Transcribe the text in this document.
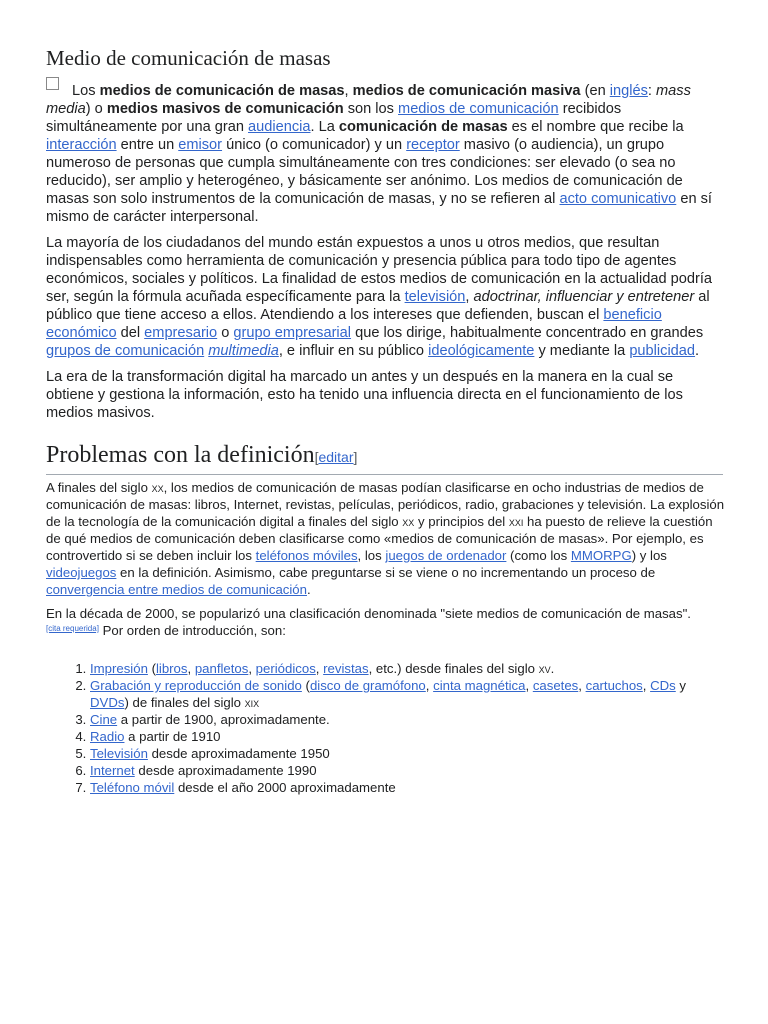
Medio de comunicación de masas

Los medios de comunicación de masas, medios de comunicación masiva (en inglés: mass media) o medios masivos de comunicación son los medios de comunicación recibidos simultáneamente por una gran audiencia. La comunicación de masas es el nombre que recibe la interacción entre un emisor único (o comunicador) y un receptor masivo (o audiencia), un grupo numeroso de personas que cumpla simultáneamente con tres condiciones: ser elevado (o sea no reducido), ser amplio y heterogéneo, y básicamente ser anónimo. Los medios de comunicación de masas son solo instrumentos de la comunicación de masas, y no se refieren al acto comunicativo en sí mismo de carácter interpersonal.

La mayoría de los ciudadanos del mundo están expuestos a unos u otros medios, que resultan indispensables como herramienta de comunicación y presencia pública para todo tipo de agentes económicos, sociales y políticos. La finalidad de estos medios de comunicación en la actualidad podría ser, según la fórmula acuñada específicamente para la televisión, adoctrinar, influenciar y entretener al público que tiene acceso a ellos. Atendiendo a los intereses que defienden, buscan el beneficio económico del empresario o grupo empresarial que los dirige, habitualmente concentrado en grandes grupos de comunicación multimedia, e influir en su público ideológicamente y mediante la publicidad.

La era de la transformación digital ha marcado un antes y un después en la manera en la cual se obtiene y gestiona la información, esto ha tenido una influencia directa en el funcionamiento de los medios masivos.

Problemas con la definición[editar]

A finales del siglo xx, los medios de comunicación de masas podían clasificarse en ocho industrias de medios de comunicación de masas: libros, Internet, revistas, películas, periódicos, radio, grabaciones y televisión. La explosión de la tecnología de la comunicación digital a finales del siglo xx y principios del xxi ha puesto de relieve la cuestión de qué medios de comunicación deben clasificarse como «medios de comunicación de masas». Por ejemplo, es controvertido si se deben incluir los teléfonos móviles, los juegos de ordenador (como los MMORPG) y los videojuegos en la definición. Asimismo, cabe preguntarse si se viene o no incrementando un proceso de convergencia entre medios de comunicación.

En la década de 2000, se popularizó una clasificación denominada "siete medios de comunicación de masas".
[cita requerida] Por orden de introducción, son:

1. Impresión (libros, panfletos, periódicos, revistas, etc.) desde finales del siglo xv.
2. Grabación y reproducción de sonido (disco de gramófono, cinta magnética, casetes, cartuchos, CDs y DVDs) de finales del siglo xix
3. Cine a partir de 1900, aproximadamente.
4. Radio a partir de 1910
5. Televisión desde aproximadamente 1950
6. Internet desde aproximadamente 1990
7. Teléfono móvil desde el año 2000 aproximadamente
